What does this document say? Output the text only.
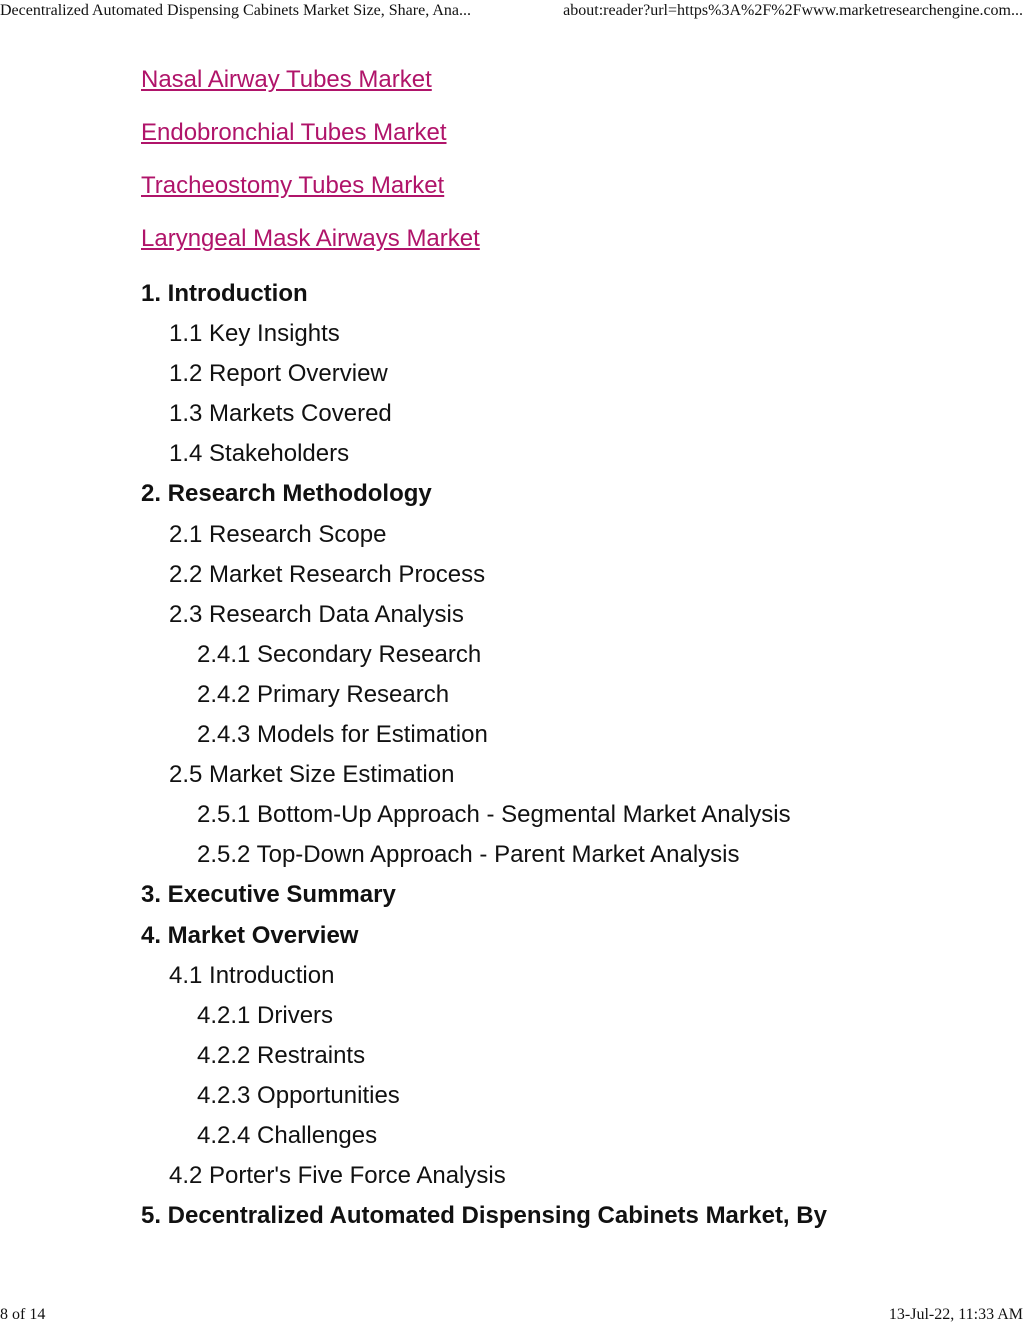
Decentralized Automated Dispensing Cabinets Market Size, Share, Ana...	about:reader?url=https%3A%2F%2Fwww.marketresearchengine.com...
Nasal Airway Tubes Market
Endobronchial Tubes Market
Tracheostomy Tubes Market
Laryngeal Mask Airways Market
1. Introduction
1.1 Key Insights
1.2 Report Overview
1.3 Markets Covered
1.4 Stakeholders
2. Research Methodology
2.1 Research Scope
2.2 Market Research Process
2.3 Research Data Analysis
2.4.1 Secondary Research
2.4.2 Primary Research
2.4.3 Models for Estimation
2.5 Market Size Estimation
2.5.1 Bottom-Up Approach - Segmental Market Analysis
2.5.2 Top-Down Approach - Parent Market Analysis
3. Executive Summary
4. Market Overview
4.1 Introduction
4.2.1 Drivers
4.2.2 Restraints
4.2.3 Opportunities
4.2.4 Challenges
4.2 Porter's Five Force Analysis
5. Decentralized Automated Dispensing Cabinets Market, By
8 of 14	13-Jul-22, 11:33 AM
